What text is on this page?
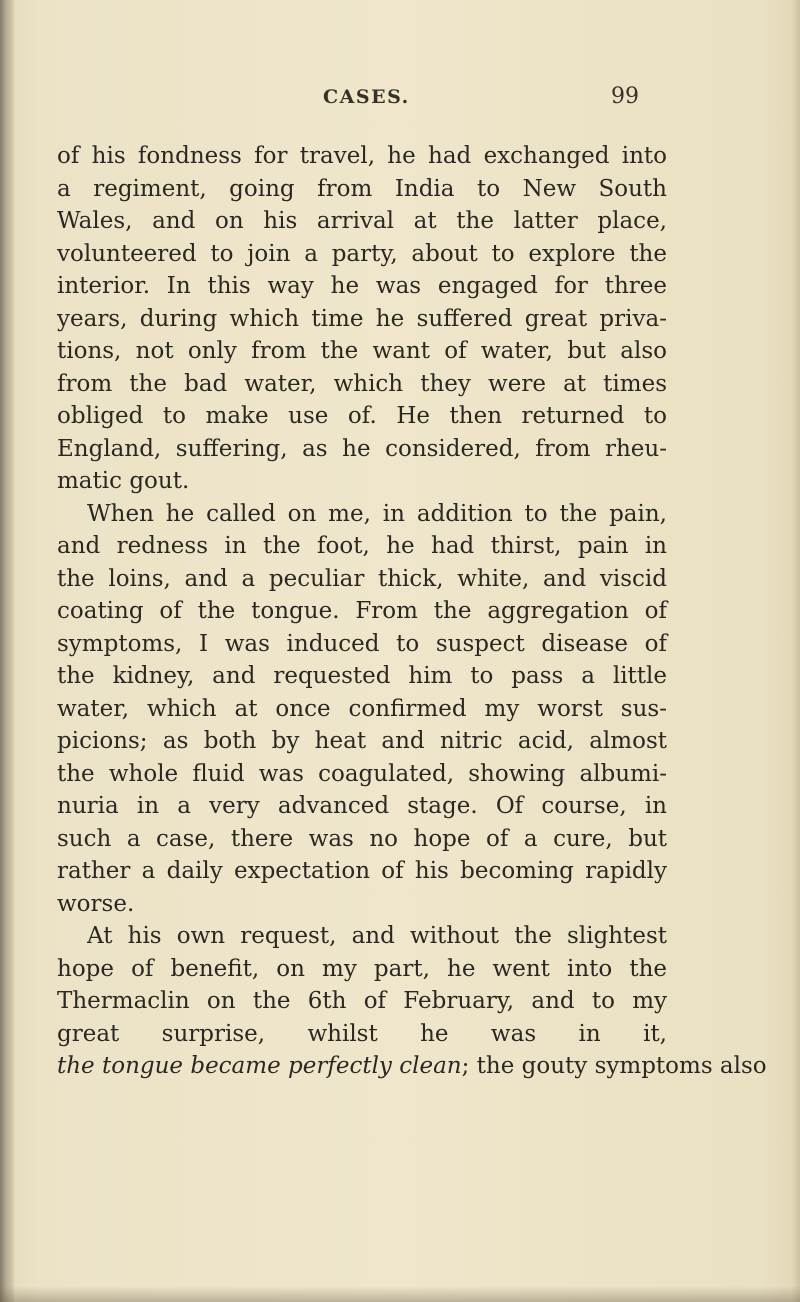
CASES.	99
of his fondness for travel, he had exchanged into
a regiment, going from India to New South
Wales, and on his arrival at the latter place,
volunteered to join a party, about to explore the
interior. In this way he was engaged for three
years, during which time he suffered great priva-
tions, not only from the want of water, but also
from the bad water, which they were at times
obliged to make use of. He then returned to
England, suffering, as he considered, from rheu-
matic gout.
When he called on me, in addition to the pain,
and redness in the foot, he had thirst, pain in
the loins, and a peculiar thick, white, and viscid
coating of the tongue. From the aggregation of
symptoms, I was induced to suspect disease of
the kidney, and requested him to pass a little
water, which at once confirmed my worst sus-
picions; as both by heat and nitric acid, almost
the whole fluid was coagulated, showing albumi-
nuria in a very advanced stage. Of course, in
such a case, there was no hope of a cure, but
rather a daily expectation of his becoming rapidly
worse.
At his own request, and without the slightest
hope of benefit, on my part, he went into the
Thermaclin on the 6th of February, and to my
great surprise, whilst he was in it,
the tongue became perfectly clean; the gouty symptoms also
